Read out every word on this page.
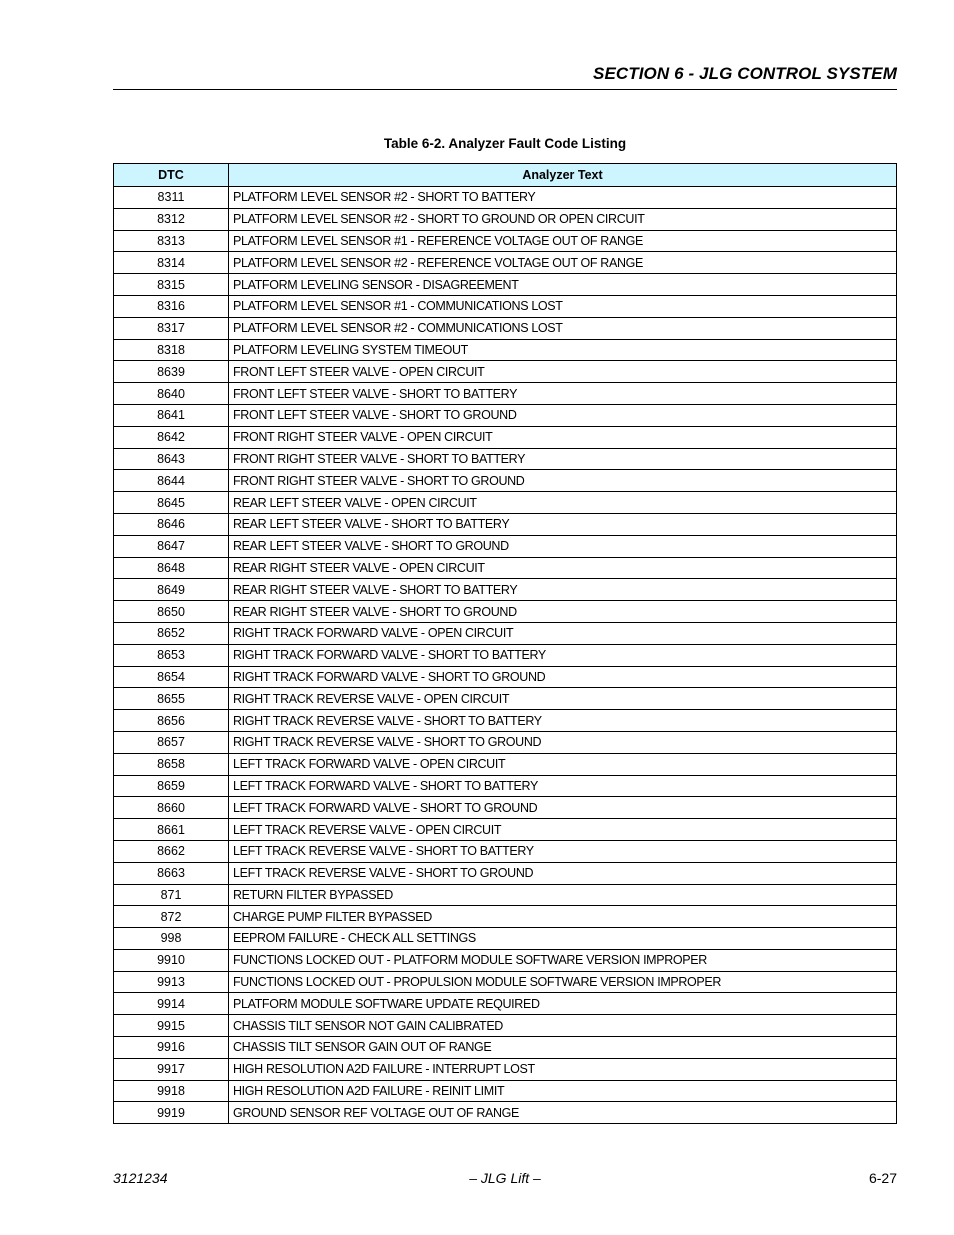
SECTION 6 - JLG CONTROL SYSTEM
Table 6-2. Analyzer Fault Code Listing
DTC	Analyzer Text
8311	PLATFORM LEVEL SENSOR #2 - SHORT TO BATTERY
8312	PLATFORM LEVEL SENSOR #2 - SHORT TO GROUND OR OPEN CIRCUIT
8313	PLATFORM LEVEL SENSOR #1 - REFERENCE VOLTAGE OUT OF RANGE
8314	PLATFORM LEVEL SENSOR #2 - REFERENCE VOLTAGE OUT OF RANGE
8315	PLATFORM LEVELING SENSOR - DISAGREEMENT
8316	PLATFORM LEVEL SENSOR #1 - COMMUNICATIONS LOST
8317	PLATFORM LEVEL SENSOR #2 - COMMUNICATIONS LOST
8318	PLATFORM LEVELING SYSTEM TIMEOUT
8639	FRONT LEFT STEER VALVE - OPEN CIRCUIT
8640	FRONT LEFT STEER VALVE - SHORT TO BATTERY
8641	FRONT LEFT STEER VALVE - SHORT TO GROUND
8642	FRONT RIGHT STEER VALVE - OPEN CIRCUIT
8643	FRONT RIGHT STEER VALVE - SHORT TO BATTERY
8644	FRONT RIGHT STEER VALVE - SHORT TO GROUND
8645	REAR LEFT STEER VALVE - OPEN CIRCUIT
8646	REAR LEFT STEER VALVE - SHORT TO BATTERY
8647	REAR LEFT STEER VALVE - SHORT TO GROUND
8648	REAR RIGHT STEER VALVE - OPEN CIRCUIT
8649	REAR RIGHT STEER VALVE - SHORT TO BATTERY
8650	REAR RIGHT STEER VALVE - SHORT TO GROUND
8652	RIGHT TRACK FORWARD VALVE - OPEN CIRCUIT
8653	RIGHT TRACK FORWARD VALVE - SHORT TO BATTERY
8654	RIGHT TRACK FORWARD VALVE - SHORT TO GROUND
8655	RIGHT TRACK REVERSE VALVE - OPEN CIRCUIT
8656	RIGHT TRACK REVERSE VALVE - SHORT TO BATTERY
8657	RIGHT TRACK REVERSE VALVE - SHORT TO GROUND
8658	LEFT TRACK FORWARD VALVE - OPEN CIRCUIT
8659	LEFT TRACK FORWARD VALVE - SHORT TO BATTERY
8660	LEFT TRACK FORWARD VALVE - SHORT TO GROUND
8661	LEFT TRACK REVERSE VALVE - OPEN CIRCUIT
8662	LEFT TRACK REVERSE VALVE - SHORT TO BATTERY
8663	LEFT TRACK REVERSE VALVE - SHORT TO GROUND
871	RETURN FILTER BYPASSED
872	CHARGE PUMP FILTER BYPASSED
998	EEPROM FAILURE - CHECK ALL SETTINGS
9910	FUNCTIONS LOCKED OUT - PLATFORM MODULE SOFTWARE VERSION IMPROPER
9913	FUNCTIONS LOCKED OUT - PROPULSION MODULE SOFTWARE VERSION IMPROPER
9914	PLATFORM MODULE SOFTWARE UPDATE REQUIRED
9915	CHASSIS TILT SENSOR NOT GAIN CALIBRATED
9916	CHASSIS TILT SENSOR GAIN OUT OF RANGE
9917	HIGH RESOLUTION A2D FAILURE - INTERRUPT LOST
9918	HIGH RESOLUTION A2D FAILURE - REINIT LIMIT
9919	GROUND SENSOR REF VOLTAGE OUT OF RANGE
3121234	– JLG Lift –	6-27
